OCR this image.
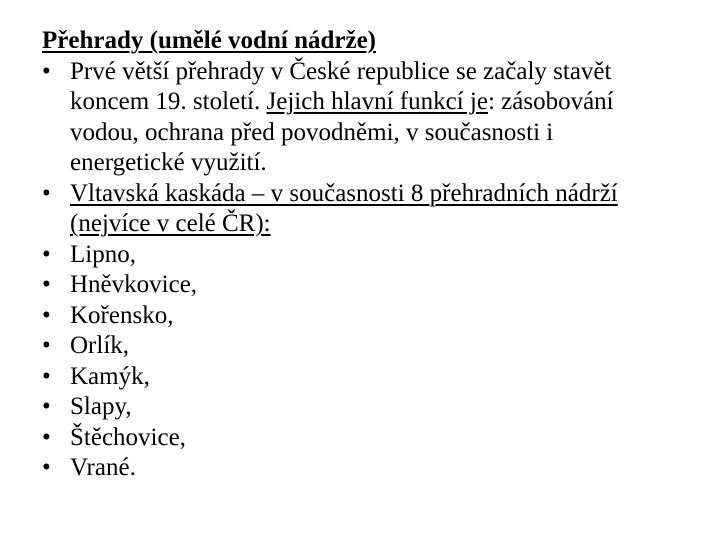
Přehrady (umělé vodní nádrže)
• Prvé větší přehrady v České republice se začaly stavět koncem 19. století. Jejich hlavní funkcí je: zásobování vodou, ochrana před povodněmi, v současnosti i energetické využití.
• Vltavská kaskáda – v současnosti 8 přehradních nádrží (nejvíce v celé ČR):
• Lipno,
• Hněvkovice,
• Kořensko,
• Orlík,
• Kamýk,
• Slapy,
• Štěchovice,
• Vrané.
